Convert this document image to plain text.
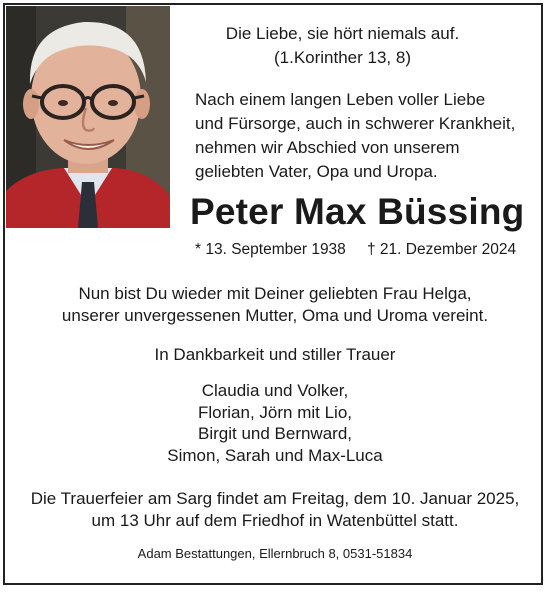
Die Liebe, sie hört niemals auf.
(1.Korinther 13, 8)
Nach einem langen Leben voller Liebe
und Fürsorge, auch in schwerer Krankheit,
nehmen wir Abschied von unserem
geliebten Vater, Opa und Uropa.
Peter Max Büssing
* 13. September 1938 † 21. Dezember 2024
Nun bist Du wieder mit Deiner geliebten Frau Helga,
unserer unvergessenen Mutter, Oma und Uroma vereint.
In Dankbarkeit und stiller Trauer
Claudia und Volker,
Florian, Jörn mit Lio,
Birgit und Bernward,
Simon, Sarah und Max-Luca
Die Trauerfeier am Sarg findet am Freitag, dem 10. Januar 2025,
um 13 Uhr auf dem Friedhof in Watenbüttel statt.
Adam Bestattungen, Ellernbruch 8, 0531-51834
